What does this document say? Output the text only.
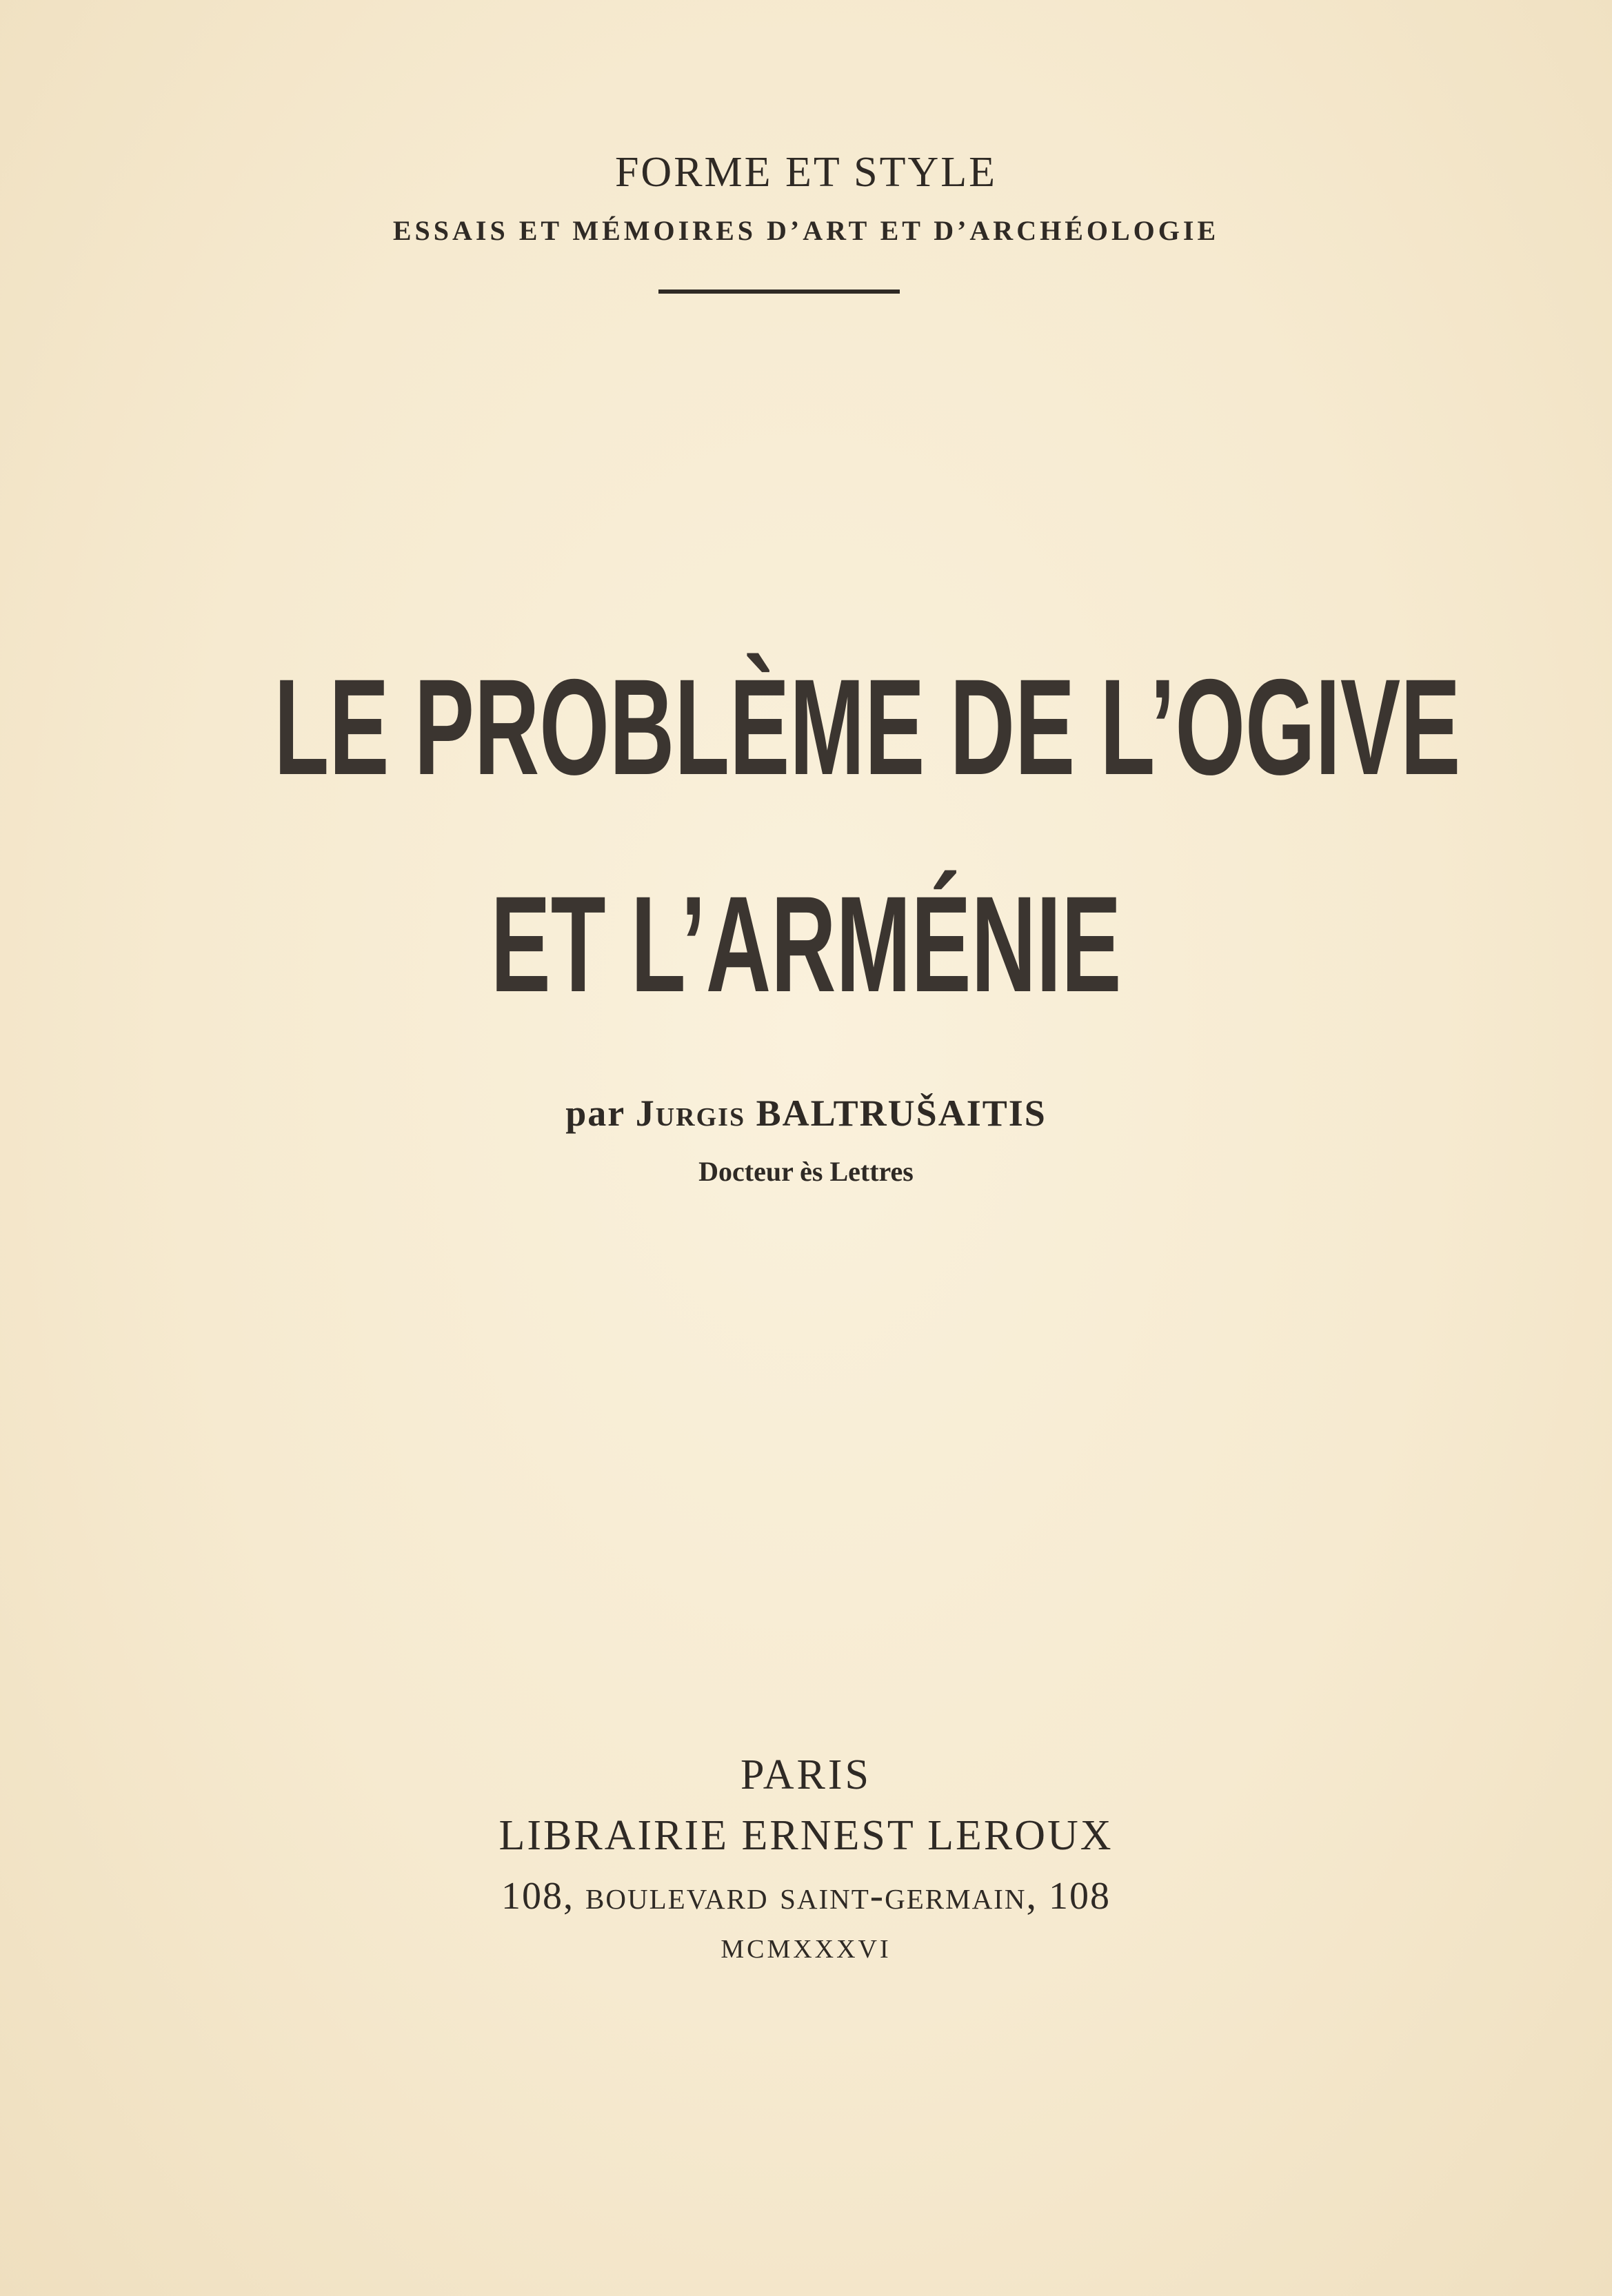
FORME ET STYLE
ESSAIS ET MÉMOIRES D’ART ET D’ARCHÉOLOGIE
LE PROBLÈME DE L’OGIVE
ET L’ARMÉNIE
par Jurgis BALTRUŠAITIS
Docteur ès Lettres
PARIS
LIBRAIRIE ERNEST LEROUX
108, boulevard saint-germain, 108
MCMXXXVI
